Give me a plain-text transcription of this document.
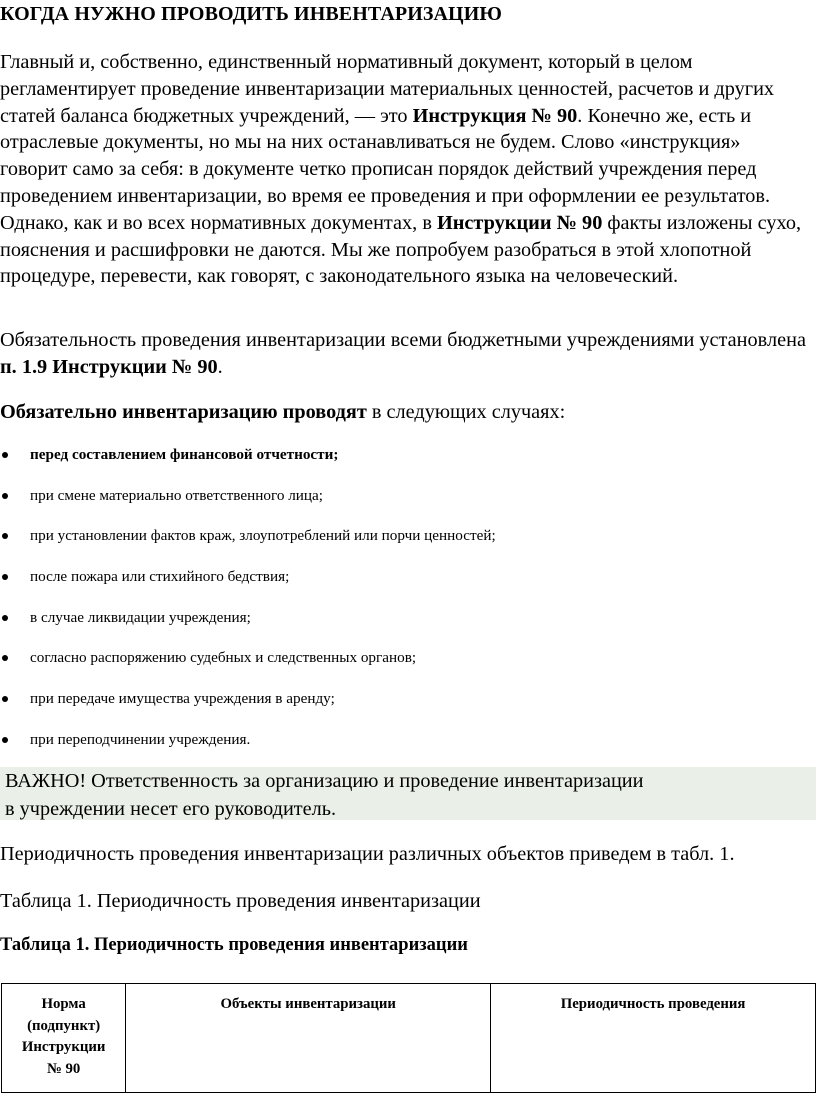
КОГДА НУЖНО ПРОВОДИТЬ ИНВЕНТАРИЗАЦИЮ

Главный и, собственно, единственный нормативный документ, который в целом регламентирует проведение инвентаризации материальных ценностей, расчетов и других статей баланса бюджетных учреждений, — это Инструкция № 90. Конечно же, есть и отраслевые документы, но мы на них останавливаться не будем. Слово «инструкция» говорит само за себя: в документе четко прописан порядок действий учреждения перед проведением инвентаризации, во время ее проведения и при оформлении ее результатов. Однако, как и во всех нормативных документах, в Инструкции № 90 факты изложены сухо, пояснения и расшифровки не даются. Мы же попробуем разобраться в этой хлопотной процедуре, перевести, как говорят, с законодательного языка на человеческий.

Обязательность проведения инвентаризации всеми бюджетными учреждениями установлена п. 1.9 Инструкции № 90.

Обязательно инвентаризацию проводят в следующих случаях:

перед составлением финансовой отчетности;
при смене материально ответственного лица;
при установлении фактов краж, злоупотреблений или порчи ценностей;
после пожара или стихийного бедствия;
в случае ликвидации учреждения;
согласно распоряжению судебных и следственных органов;
при передаче имущества учреждения в аренду;
при переподчинении учреждения.

ВАЖНО! Ответственность за организацию и проведение инвентаризации

в учреждении несет его руководитель.

Периодичность проведения инвентаризации различных объектов приведем в табл. 1.

Таблица 1. Периодичность проведения инвентаризации

Таблица 1. Периодичность проведения инвентаризации

Норма
(подпункт)
Инструкции
№ 90	Объекты инвентаризации	Периодичность проведения
